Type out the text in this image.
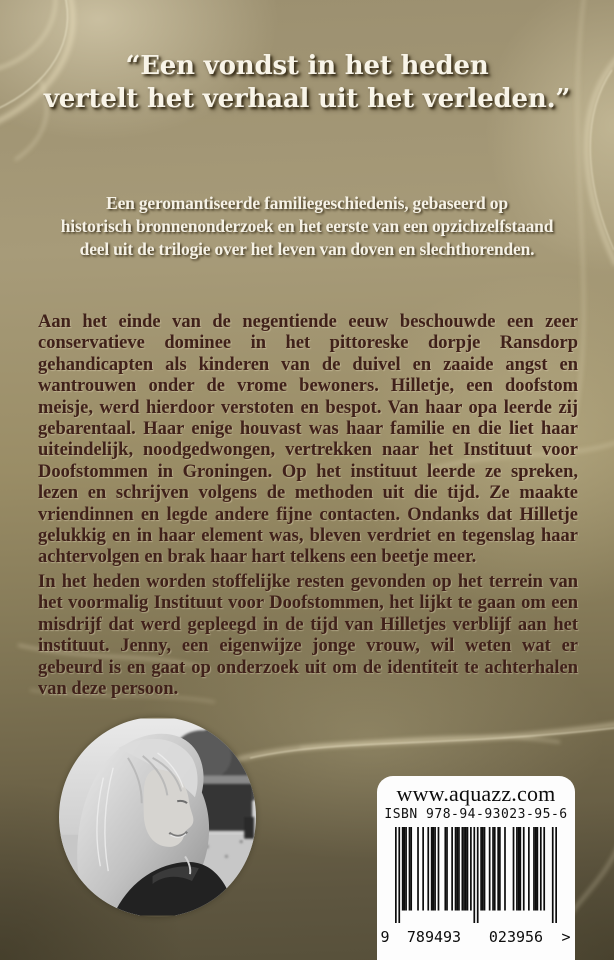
“Een vondst in het heden
vertelt het verhaal uit het verleden.”
Een geromantiseerde familiegeschiedenis, gebaseerd op
historisch bronnenonderzoek en het eerste van een opzichzelfstaand
deel uit de trilogie over het leven van doven en slechthorenden.

Aan het einde van de negentiende eeuw beschouwde een zeer conservatieve dominee in het pittoreske dorpje Ransdorp gehandicapten als kinderen van de duivel en zaaide angst en wantrouwen onder de vrome bewoners. Hilletje, een doofstom meisje, werd hierdoor verstoten en bespot. Van haar opa leerde zij gebarentaal. Haar enige houvast was haar familie en die liet haar uiteindelijk, noodgedwongen, vertrekken naar het Instituut voor Doofstommen in Groningen. Op het instituut leerde ze spreken, lezen en schrijven volgens de methoden uit die tijd. Ze maakte vriendinnen en legde andere fijne contacten. Ondanks dat Hilletje gelukkig en in haar element was, bleven verdriet en tegenslag haar achtervolgen en brak haar hart telkens een beetje meer.

In het heden worden stoffelijke resten gevonden op het terrein van het voormalig Instituut voor Doofstommen, het lijkt te gaan om een misdrijf dat werd gepleegd in de tijd van Hilletjes verblijf aan het instituut. Jenny, een eigenwijze jonge vrouw, wil weten wat er gebeurd is en gaat op onderzoek uit om de identiteit te achterhalen van deze persoon.

www.aquazz.com
ISBN 978-94-93023-95-6
9	789493	023956	>
